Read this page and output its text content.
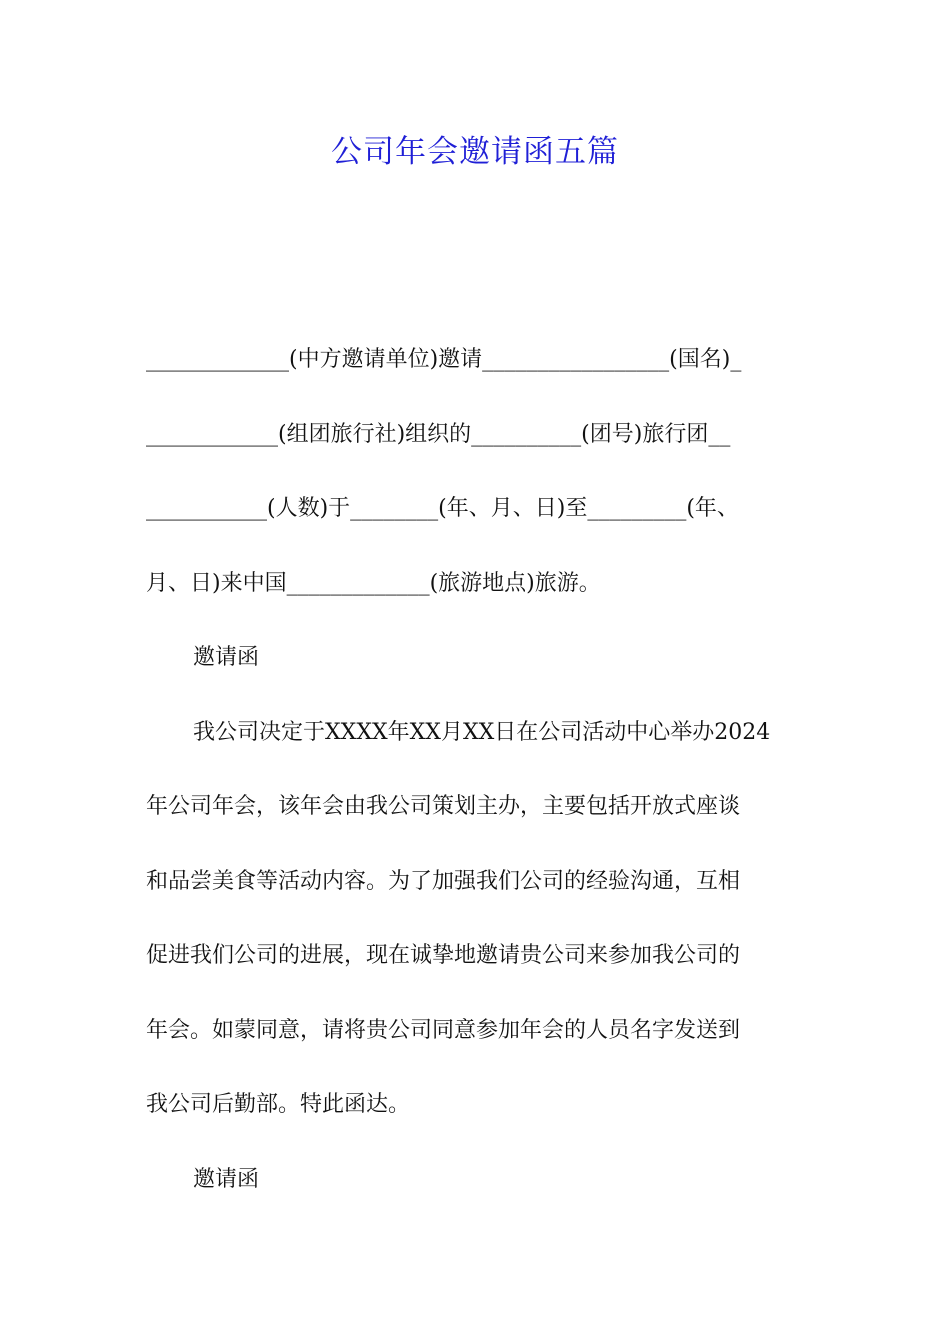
公司年会邀请函五篇
_____________(中方邀请单位)邀请_________________(国名)_
____________(组团旅行社)组织的__________(团号)旅行团__
___________(人数)于________(年、月、日)至_________(年、
月、日)来中国_____________(旅游地点)旅游。
邀请函
我公司决定于XXXX年XX月XX日在公司活动中心举办2024
年公司年会，该年会由我公司策划主办，主要包括开放式座谈
和品尝美食等活动内容。为了加强我们公司的经验沟通，互相
促进我们公司的进展，现在诚挚地邀请贵公司来参加我公司的
年会。如蒙同意，请将贵公司同意参加年会的人员名字发送到
我公司后勤部。特此函达。
邀请函
